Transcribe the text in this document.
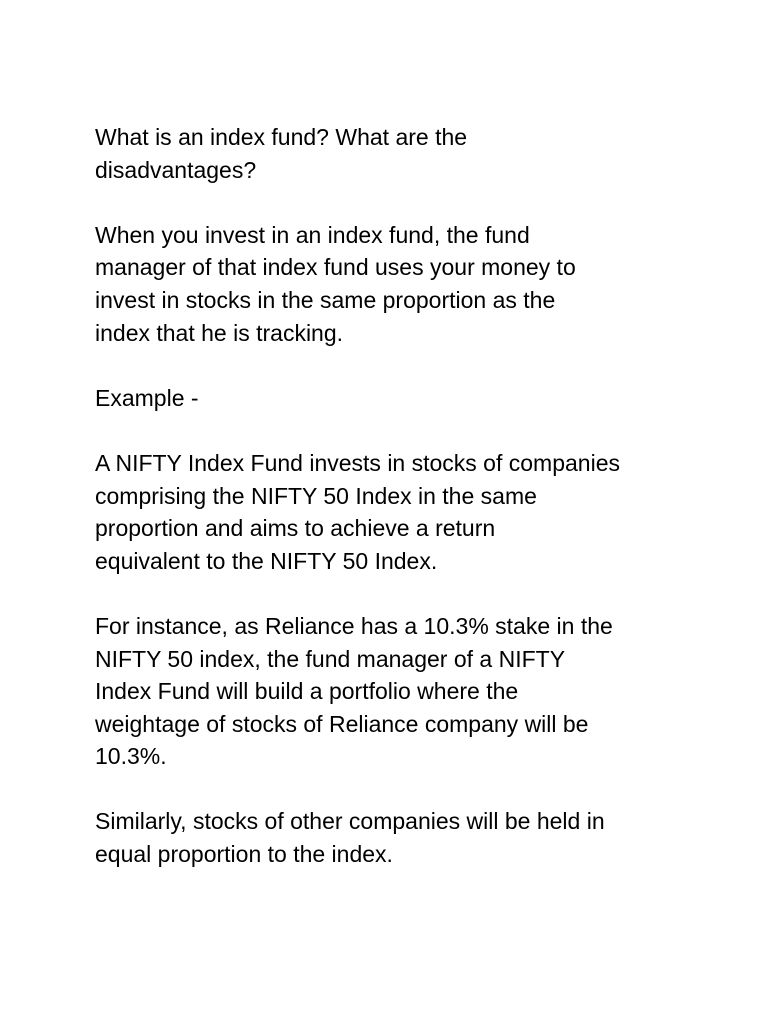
What is an index fund? What are the
disadvantages?

When you invest in an index fund, the fund
manager of that index fund uses your money to
invest in stocks in the same proportion as the
index that he is tracking.

Example -

A NIFTY Index Fund invests in stocks of companies
comprising the NIFTY 50 Index in the same
proportion and aims to achieve a return
equivalent to the NIFTY 50 Index.

For instance, as Reliance has a 10.3% stake in the
NIFTY 50 index, the fund manager of a NIFTY
Index Fund will build a portfolio where the
weightage of stocks of Reliance company will be
10.3%.

Similarly, stocks of other companies will be held in
equal proportion to the index.
